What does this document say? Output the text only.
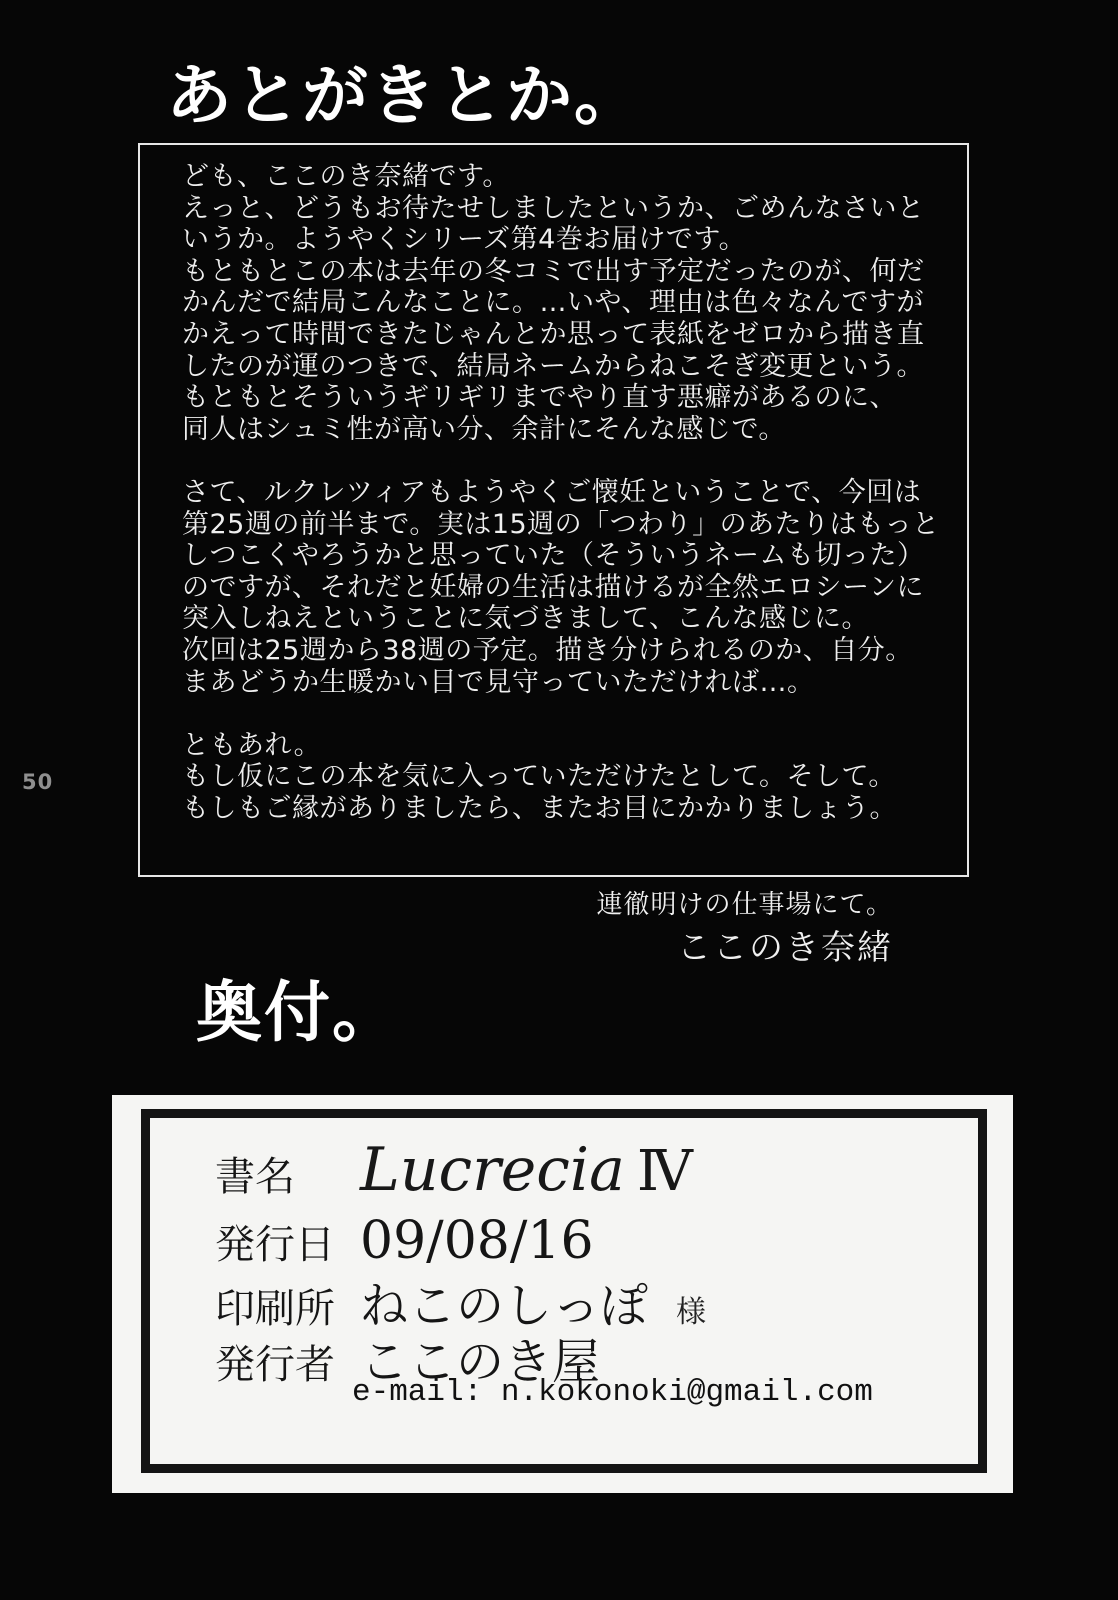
50
あとがきとか。
ども、ここのき奈緒です。
えっと、どうもお待たせしましたというか、ごめんなさいと
いうか。ようやくシリーズ第4巻お届けです。
もともとこの本は去年の冬コミで出す予定だったのが、何だ
かんだで結局こんなことに。…いや、理由は色々なんですが
かえって時間できたじゃんとか思って表紙をゼロから描き直
したのが運のつきで、結局ネームからねこそぎ変更という。
もともとそういうギリギリまでやり直す悪癖があるのに、
同人はシュミ性が高い分、余計にそんな感じで。
さて、ルクレツィアもようやくご懐妊ということで、今回は
第25週の前半まで。実は15週の「つわり」のあたりはもっと
しつこくやろうかと思っていた（そういうネームも切った）
のですが、それだと妊婦の生活は描けるが全然エロシーンに
突入しねえということに気づきまして、こんな感じに。
次回は25週から38週の予定。描き分けられるのか、自分。
まあどうか生暖かい目で見守っていただければ…。
ともあれ。
もし仮にこの本を気に入っていただけたとして。そして。
もしもご縁がありましたら、またお目にかかりましょう。
連徹明けの仕事場にて。
ここのき奈緒
奥付。
書名 Lucrecia Ⅳ
発行日 09/08/16
印刷所 ねこのしっぽ 様
発行者 ここのき屋
e-mail: n.kokonoki@gmail.com
